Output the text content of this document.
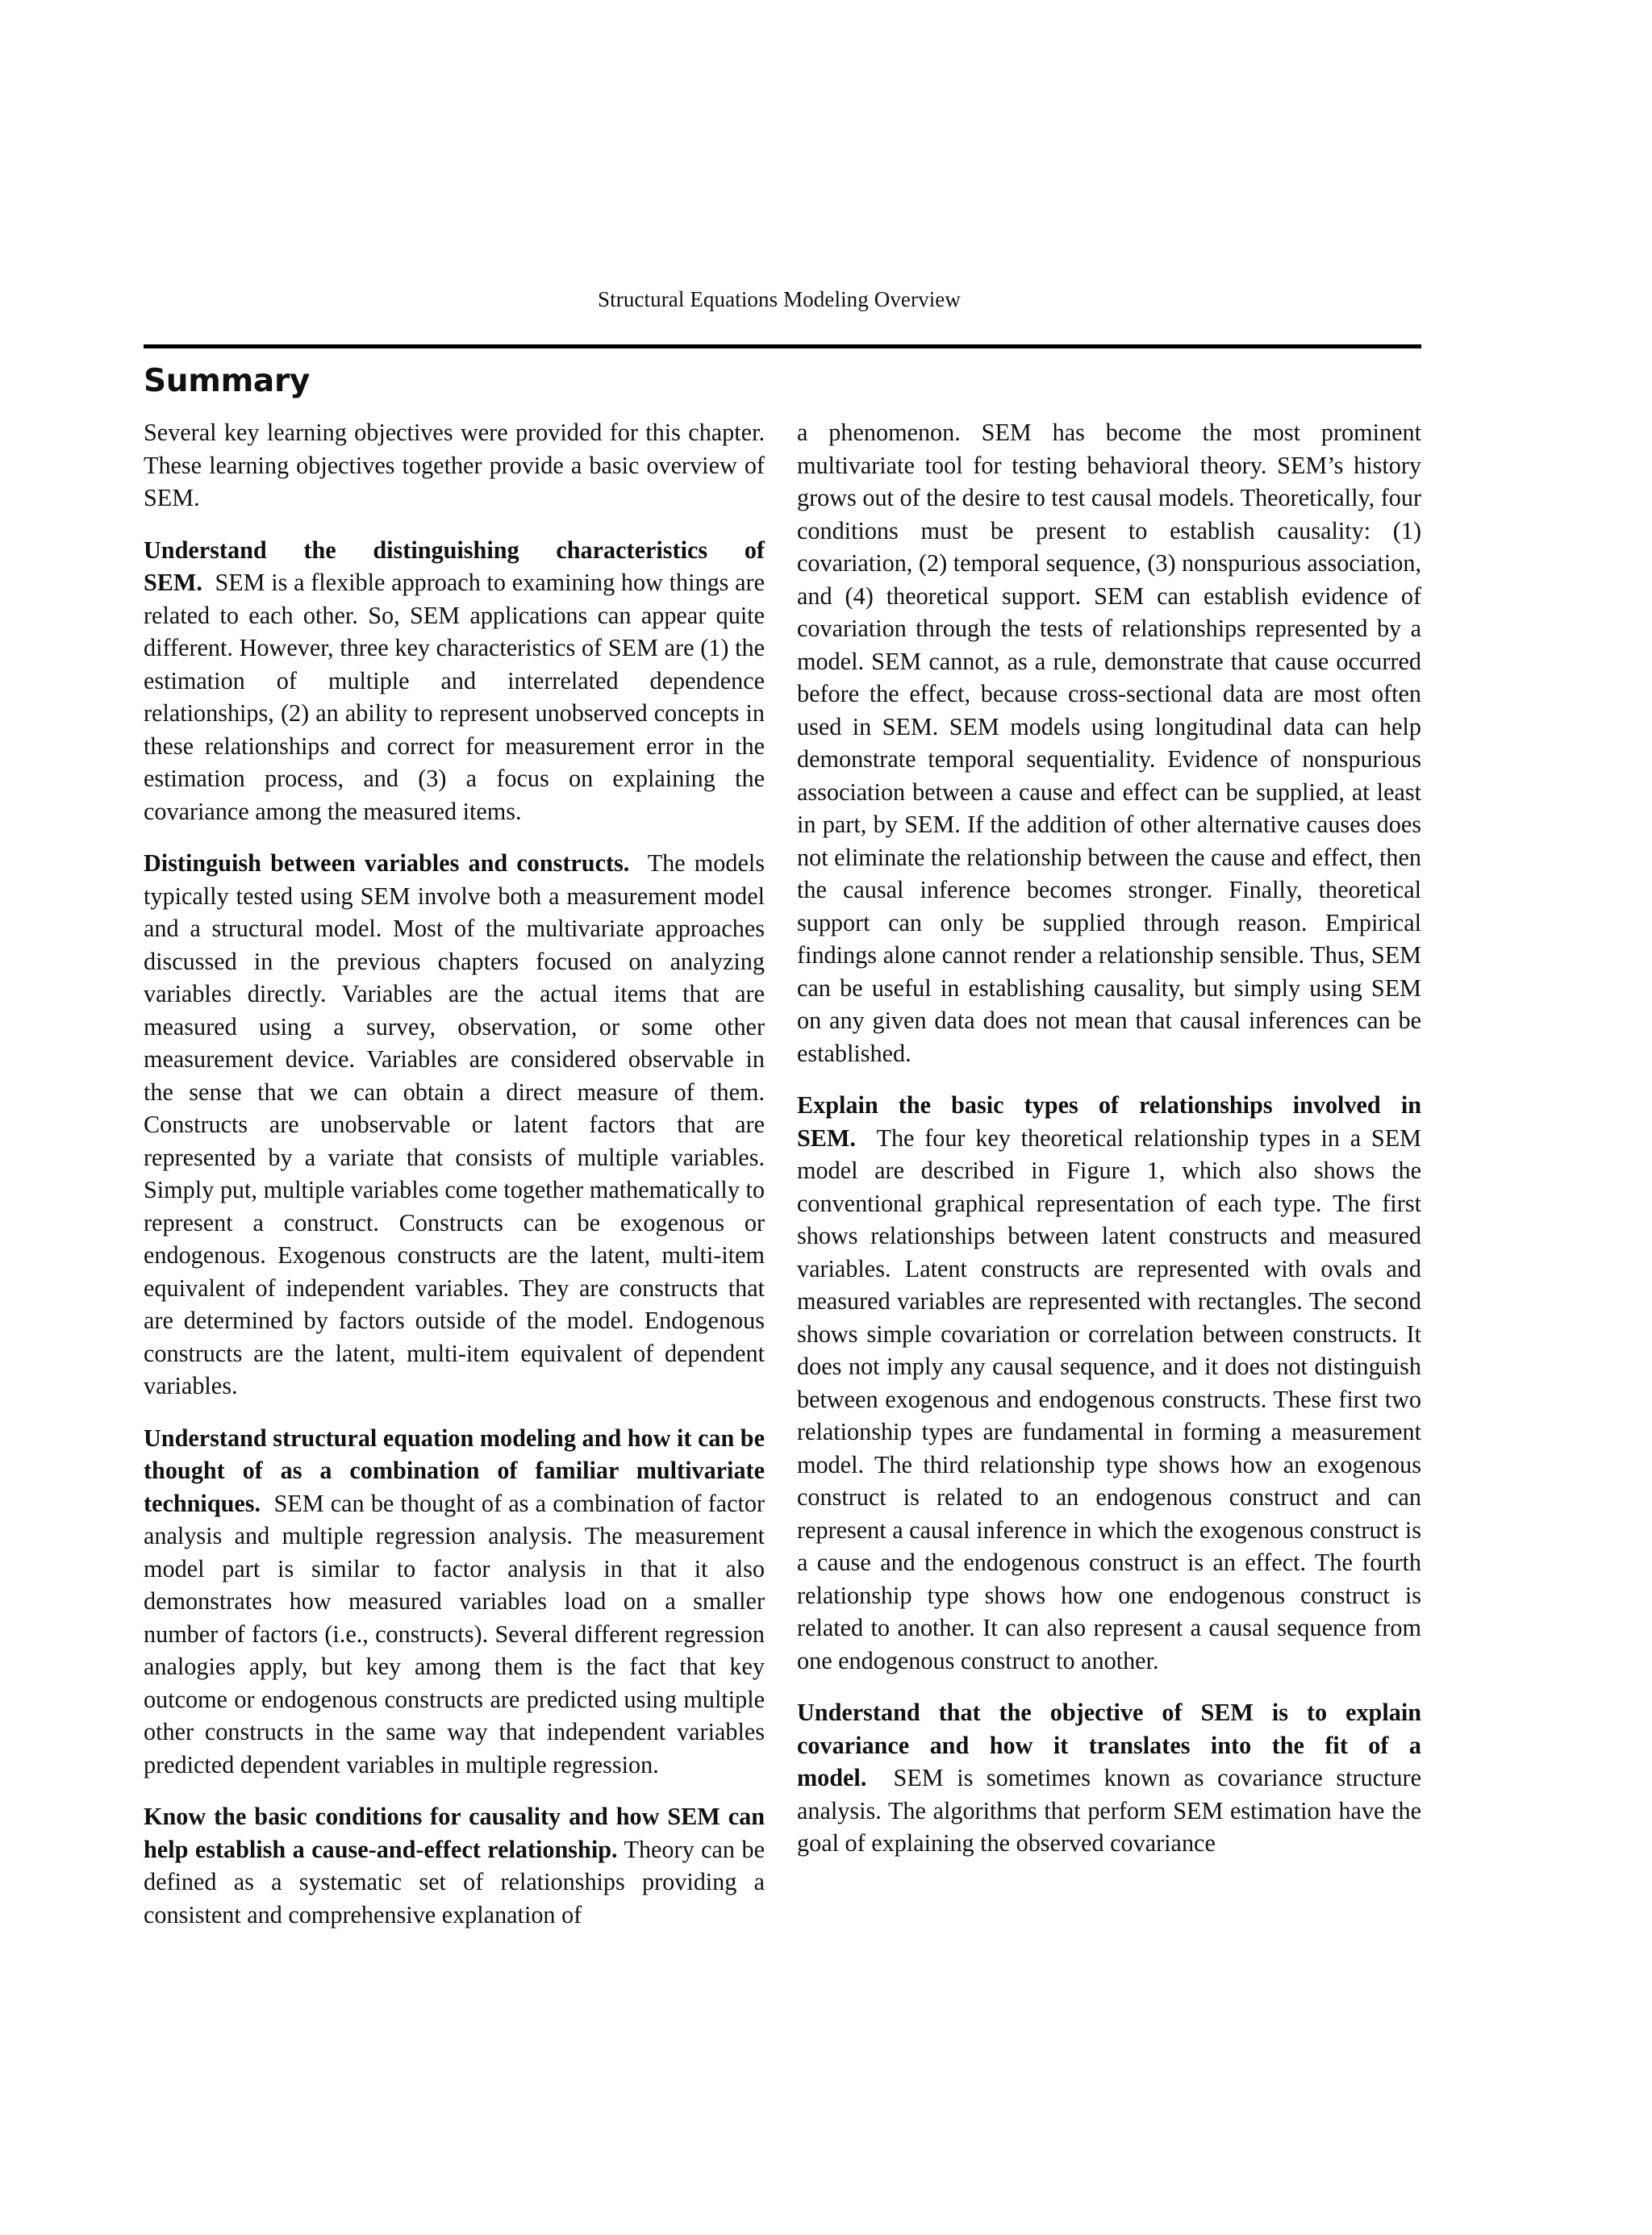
Structural Equations Modeling Overview
Summary

Several key learning objectives were provided for this chapter. These learning objectives together provide a basic overview of SEM.

Understand the distinguishing characteristics of SEM. SEM is a flexible approach to examining how things are related to each other. So, SEM applications can appear quite different. However, three key characteristics of SEM are (1) the estimation of multiple and interrelated dependence relationships, (2) an ability to represent unobserved concepts in these relationships and correct for measurement error in the estimation process, and (3) a focus on explaining the covariance among the measured items.

Distinguish between variables and constructs. The models typically tested using SEM involve both a measurement model and a structural model. Most of the multivariate approaches discussed in the previous chapters focused on analyzing variables directly. Variables are the actual items that are measured using a survey, observation, or some other measurement device. Variables are considered observable in the sense that we can obtain a direct measure of them. Constructs are unobservable or latent factors that are represented by a variate that consists of multiple variables. Simply put, multiple variables come together mathematically to represent a construct. Constructs can be exogenous or endogenous. Exogenous constructs are the latent, multi-item equivalent of independent variables. They are constructs that are determined by factors outside of the model. Endogenous constructs are the latent, multi-item equivalent of dependent variables.

Understand structural equation modeling and how it can be thought of as a combination of familiar multivariate techniques. SEM can be thought of as a combination of factor analysis and multiple regression analysis. The measurement model part is similar to factor analysis in that it also demonstrates how measured variables load on a smaller number of factors (i.e., constructs). Several different regression analogies apply, but key among them is the fact that key outcome or endogenous constructs are predicted using multiple other constructs in the same way that independent variables predicted dependent variables in multiple regression.

Know the basic conditions for causality and how SEM can help establish a cause-and-effect relationship. Theory can be defined as a systematic set of relationships providing a consistent and comprehensive explanation of

a phenomenon. SEM has become the most prominent multivariate tool for testing behavioral theory. SEM’s history grows out of the desire to test causal models. Theoretically, four conditions must be present to establish causality: (1) covariation, (2) temporal sequence, (3) nonspurious association, and (4) theoretical support. SEM can establish evidence of covariation through the tests of relationships represented by a model. SEM cannot, as a rule, demonstrate that cause occurred before the effect, because cross-sectional data are most often used in SEM. SEM models using longitudinal data can help demonstrate temporal sequentiality. Evidence of nonspurious association between a cause and effect can be supplied, at least in part, by SEM. If the addition of other alternative causes does not eliminate the relationship between the cause and effect, then the causal inference becomes stronger. Finally, theoretical support can only be supplied through reason. Empirical findings alone cannot render a relationship sensible. Thus, SEM can be useful in establishing causality, but simply using SEM on any given data does not mean that causal inferences can be established.

Explain the basic types of relationships involved in SEM. The four key theoretical relationship types in a SEM model are described in Figure 1, which also shows the conventional graphical representation of each type. The first shows relationships between latent constructs and measured variables. Latent constructs are represented with ovals and measured variables are represented with rectangles. The second shows simple covariation or correlation between constructs. It does not imply any causal sequence, and it does not distinguish between exogenous and endogenous constructs. These first two relationship types are fundamental in forming a measurement model. The third relationship type shows how an exogenous construct is related to an endogenous construct and can represent a causal inference in which the exogenous construct is a cause and the endogenous construct is an effect. The fourth relationship type shows how one endogenous construct is related to another. It can also represent a causal sequence from one endogenous construct to another.

Understand that the objective of SEM is to explain covariance and how it translates into the fit of a model. SEM is sometimes known as covariance structure analysis. The algorithms that perform SEM estimation have the goal of explaining the observed covariance
